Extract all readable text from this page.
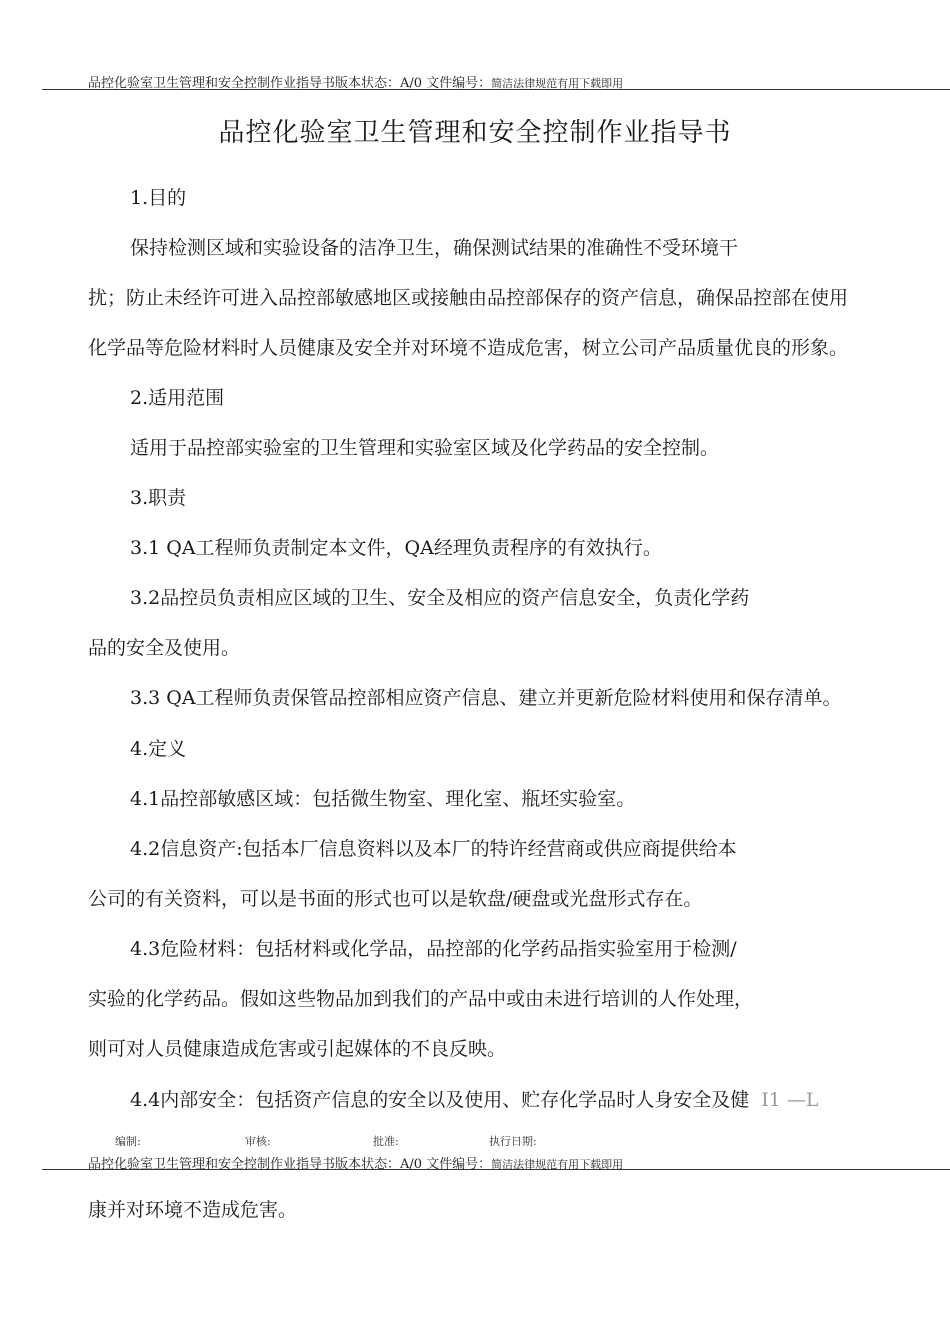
品控化验室卫生管理和安全控制作业指导书版本状态：A/0 文件编号：简洁法律规范有用下载即用
品控化验室卫生管理和安全控制作业指导书
1.目的
保持检测区域和实验设备的洁净卫生，确保测试结果的准确性不受环境干
扰；防止未经许可进入品控部敏感地区或接触由品控部保存的资产信息，确保品控部在使用
化学品等危险材料时人员健康及安全并对环境不造成危害，树立公司产品质量优良的形象。
2.适用范围
适用于品控部实验室的卫生管理和实验室区域及化学药品的安全控制。
3.职责
3.1 QA工程师负责制定本文件，QA经理负责程序的有效执行。
3.2品控员负责相应区域的卫生、安全及相应的资产信息安全，负责化学药
品的安全及使用。
3.3 QA工程师负责保管品控部相应资产信息、建立并更新危险材料使用和保存清单。
4.定义
4.1品控部敏感区域：包括微生物室、理化室、瓶坯实验室。
4.2信息资产:包括本厂信息资料以及本厂的特许经营商或供应商提供给本
公司的有关资料，可以是书面的形式也可以是软盘/硬盘或光盘形式存在。
4.3危险材料：包括材料或化学品，品控部的化学药品指实验室用于检测/
实验的化学药品。假如这些物品加到我们的产品中或由未进行培训的人作处理，
则可对人员健康造成危害或引起媒体的不良反映。
4.4内部安全：包括资产信息的安全以及使用、贮存化学品时人身安全及健 I1 —L
编制:	审核:	批准:	执行日期:
品控化验室卫生管理和安全控制作业指导书版本状态：A/0 文件编号：简洁法律规范有用下载即用
康并对环境不造成危害。
